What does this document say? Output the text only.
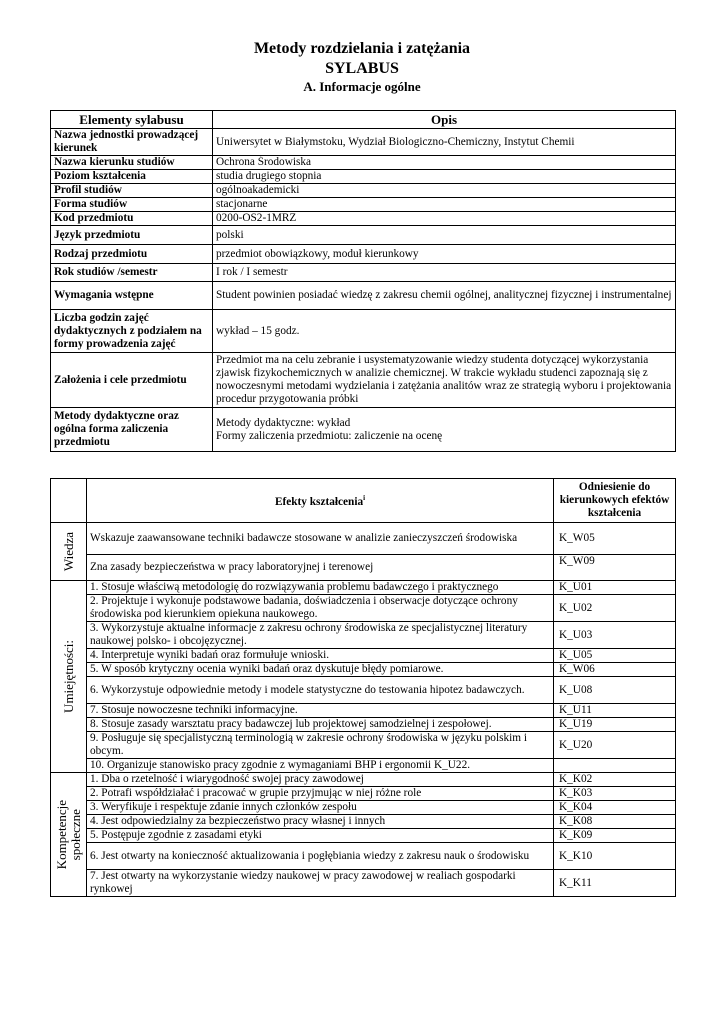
Metody rozdzielania i zatężania
SYLABUS
A. Informacje ogólne
Elementy sylabusu	Opis
Nazwa jednostki prowadzącej kierunek	Uniwersytet w Białymstoku, Wydział Biologiczno-Chemiczny, Instytut Chemii
Nazwa kierunku studiów	Ochrona Środowiska
Poziom kształcenia	studia drugiego stopnia
Profil studiów	ogólnoakademicki
Forma studiów	stacjonarne
Kod przedmiotu	0200-OS2-1MRZ
Język przedmiotu	polski
Rodzaj przedmiotu	przedmiot obowiązkowy, moduł kierunkowy
Rok studiów /semestr	I rok / I semestr
Wymagania wstępne	Student powinien posiadać wiedzę z zakresu chemii ogólnej, analitycznej fizycznej i instrumentalnej
Liczba godzin zajęć dydaktycznych z podziałem na formy prowadzenia zajęć	wykład – 15 godz.
Założenia i cele przedmiotu	Przedmiot ma na celu zebranie i usystematyzowanie wiedzy studenta dotyczącej wykorzystania zjawisk fizykochemicznych w analizie chemicznej. W trakcie wykładu studenci zapoznają się z nowoczesnymi metodami wydzielania i zatężania analitów wraz ze strategią wyboru i projektowania procedur przygotowania próbki
Metody dydaktyczne oraz ogólna forma zaliczenia przedmiotu	Metody dydaktyczne: wykład
Formy zaliczenia przedmiotu: zaliczenie na ocenę
	Efekty kształcenia$^i$	Odniesienie do kierunkowych efektów kształcenia

Wiedza	Wskazuje zaawansowane techniki badawcze stosowane w analizie zanieczyszczeń środowiska	K_W05
	Zna zasady bezpieczeństwa w pracy laboratoryjnej i terenowej	K_W09

Umiejętności:	1. Stosuje właściwą metodologię do rozwiązywania problemu badawczego i praktycznego	K_U01
	2. Projektuje i wykonuje podstawowe badania, doświadczenia i obserwacje dotyczące ochrony środowiska pod kierunkiem opiekuna naukowego.	K_U02
	3. Wykorzystuje aktualne informacje z zakresu ochrony środowiska ze specjalistycznej literatury naukowej polsko- i obcojęzycznej.	K_U03
	4. Interpretuje wyniki badań oraz formułuje wnioski.	K_U05
	5. W sposób krytyczny ocenia wyniki badań oraz dyskutuje błędy pomiarowe.	K_W06
	6. Wykorzystuje odpowiednie metody i modele statystyczne do testowania hipotez badawczych.	K_U08
	7. Stosuje nowoczesne techniki informacyjne.	K_U11
	8. Stosuje zasady warsztatu pracy badawczej lub projektowej samodzielnej i zespołowej.	K_U19
	9. Posługuje się specjalistyczną terminologią w zakresie ochrony środowiska w języku polskim i obcym.	K_U20
	10. Organizuje stanowisko pracy zgodnie z wymaganiami BHP i ergonomii K_U22.	

Kompetencje
społeczne	1. Dba o rzetelność i wiarygodność swojej pracy zawodowej	K_K02
	2. Potrafi współdziałać i pracować w grupie przyjmując w niej różne role	K_K03
	3. Weryfikuje i respektuje zdanie innych członków zespołu	K_K04
	4. Jest odpowiedzialny za bezpieczeństwo pracy własnej i innych	K_K08
	5. Postępuje zgodnie z zasadami etyki	K_K09
	6. Jest otwarty na konieczność aktualizowania i pogłębiania wiedzy z zakresu nauk o środowisku	K_K10
	7. Jest otwarty na wykorzystanie wiedzy naukowej w pracy zawodowej w realiach gospodarki rynkowej	K_K11
